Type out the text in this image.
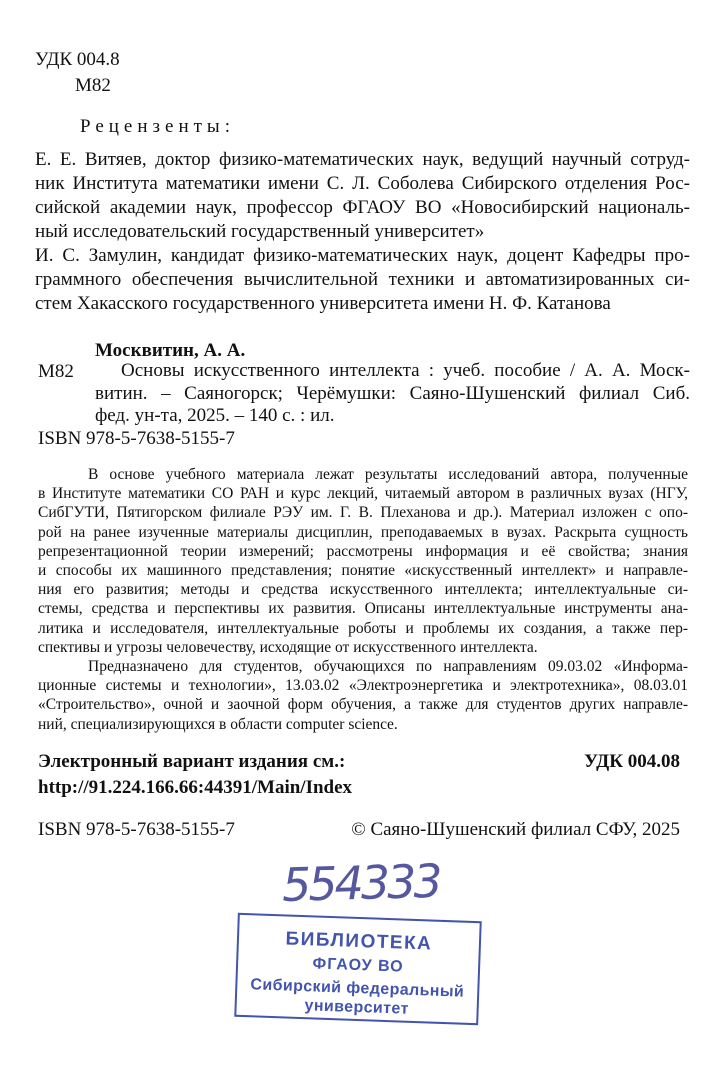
УДК 004.8
М82
Рецензенты:
Е. Е. Витяев, доктор физико-математических наук, ведущий научный сотруд-
ник Института математики имени С. Л. Соболева Сибирского отделения Рос-
сийской академии наук, профессор ФГАОУ ВО «Новосибирский националь-
ный исследовательский государственный университет»
И. С. Замулин, кандидат физико-математических наук, доцент Кафедры про-
граммного обеспечения вычислительной техники и автоматизированных си-
стем Хакасского государственного университета имени Н. Ф. Катанова
Москвитин, А. А.
М82	Основы искусственного интеллекта : учеб. пособие / А. А. Моск-
витин. – Саяногорск; Черёмушки: Саяно-Шушенский филиал Сиб.
фед. ун-та, 2025. – 140 с. : ил.
ISBN 978-5-7638-5155-7
В основе учебного материала лежат результаты исследований автора, полученные
в Институте математики СО РАН и курс лекций, читаемый автором в различных вузах (НГУ,
СибГУТИ, Пятигорском филиале РЭУ им. Г. В. Плеханова и др.). Материал изложен с опо-
рой на ранее изученные материалы дисциплин, преподаваемых в вузах. Раскрыта сущность
репрезентационной теории измерений; рассмотрены информация и её свойства; знания
и способы их машинного представления; понятие «искусственный интеллект» и направле-
ния его развития; методы и средства искусственного интеллекта; интеллектуальные си-
стемы, средства и перспективы их развития. Описаны интеллектуальные инструменты ана-
литика и исследователя, интеллектуальные роботы и проблемы их создания, а также пер-
спективы и угрозы человечеству, исходящие от искусственного интеллекта.
Предназначено для студентов, обучающихся по направлениям 09.03.02 «Информа-
ционные системы и технологии», 13.03.02 «Электроэнергетика и электротехника», 08.03.01
«Строительство», очной и заочной форм обучения, а также для студентов других направле-
ний, специализирующихся в области computer science.
Электронный вариант издания см.:
http://91.224.166.66:44391/Main/Index
УДК 004.08
ISBN 978-5-7638-5155-7	© Саяно-Шушенский филиал СФУ, 2025
554333
БИБЛИОТЕКА
ФГАОУ ВО
Сибирский федеральный
университет
